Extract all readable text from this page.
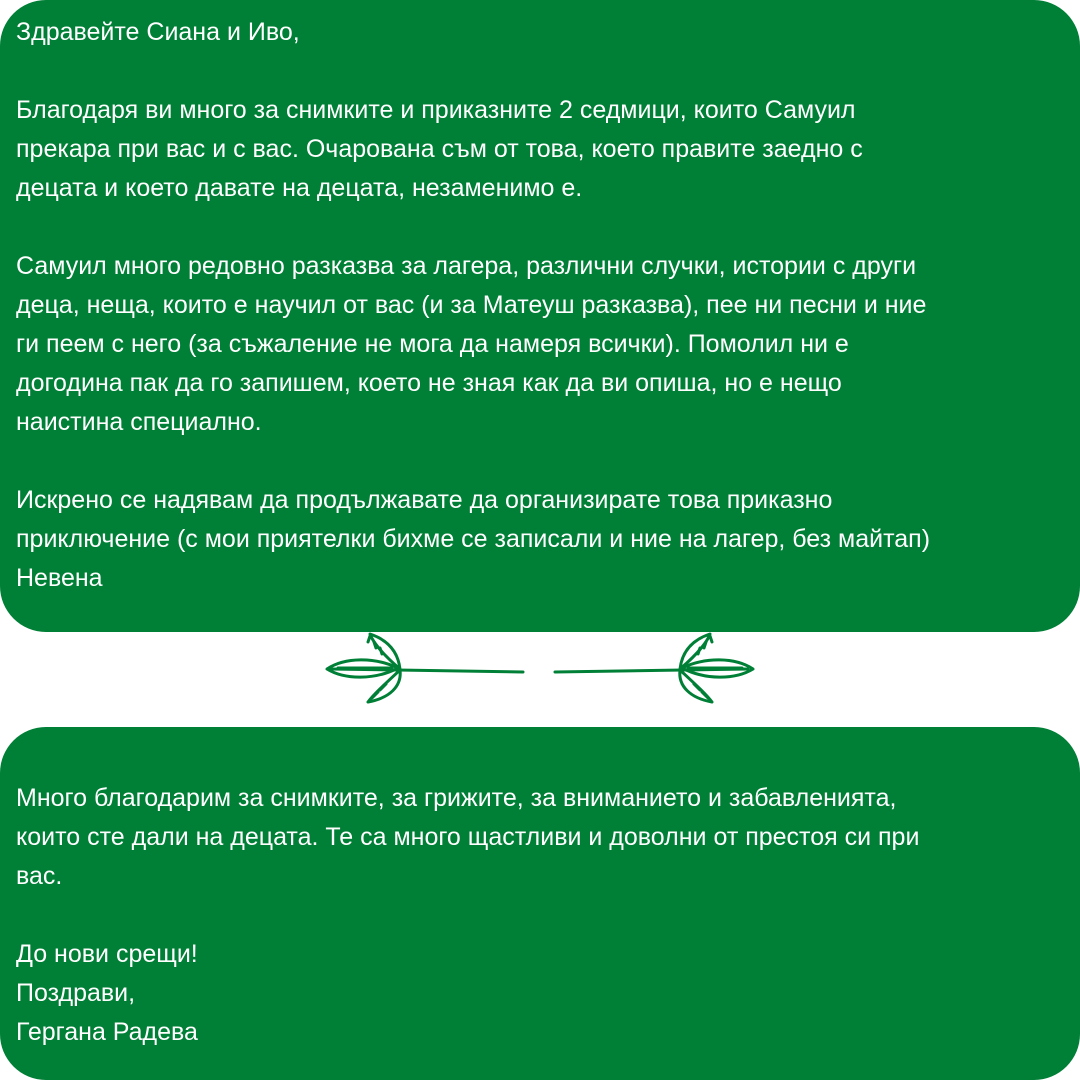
Здравейте Сиана и Иво,
Благодаря ви много за снимките и приказните 2 седмици, които Самуил
прекара при вас и с вас. Очарована съм от това, което правите заедно с
децата и което давате на децата, незаменимо е.
Самуил много редовно разказва за лагера, различни случки, истории с други
деца, неща, които е научил от вас (и за Матеуш разказва), пее ни песни и ние
ги пеем с него (за съжаление не мога да намеря всички). Помолил ни е
догодина пак да го запишем, което не зная как да ви опиша, но е нещо
наистина специално.
Искрено се надявам да продължавате да организирате това приказно
приключение (с мои приятелки бихме се записали и ние на лагер, без майтап)
Невена
Много благодарим за снимките, за грижите, за вниманието и забавленията,
които сте дали на децата. Те са много щастливи и доволни от престоя си при
вас.
До нови срещи!
Поздрави,
Гергана Радева
